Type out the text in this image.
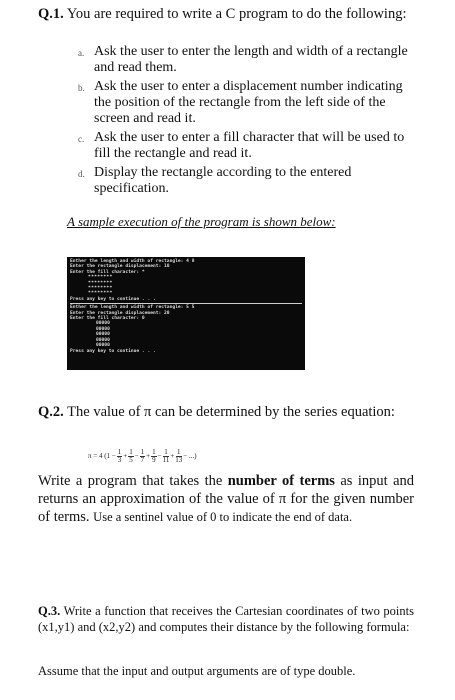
Q.1. You are required to write a C program to do the following:
a. Ask the user to enter the length and width of a rectangle and read them.
b. Ask the user to enter a displacement number indicating the position of the rectangle from the left side of the screen and read it.
c. Ask the user to enter a fill character that will be used to fill the rectangle and read it.
d. Display the rectangle according to the entered specification.
A sample execution of the program is shown below:
Enther the length and width of rectangle: 4 8
Enter the rectangle displacement: 10
Enter the fill character: *
********
********
********
********
Press any key to continue . . .
Enther the length and width of rectangle: 5 5
Enter the rectangle displacement: 20
Enter the fill character: 0
00000
00000
00000
00000
00000
Press any key to continue . . .
Q.2. The value of π can be determined by the series equation:
π = 4 ($1 - \frac{1}{3} + \frac{1}{5} - \frac{1}{7} + \frac{1}{9} - \frac{1}{11} + \frac{1}{13}$ − ...)
Write a program that takes the number of terms as input and returns an approximation of the value of π for the given number of terms. Use a sentinel value of 0 to indicate the end of data.
Q.3. Write a function that receives the Cartesian coordinates of two points (x1,y1) and (x2,y2) and computes their distance by the following formula:
Assume that the input and output arguments are of type double.
